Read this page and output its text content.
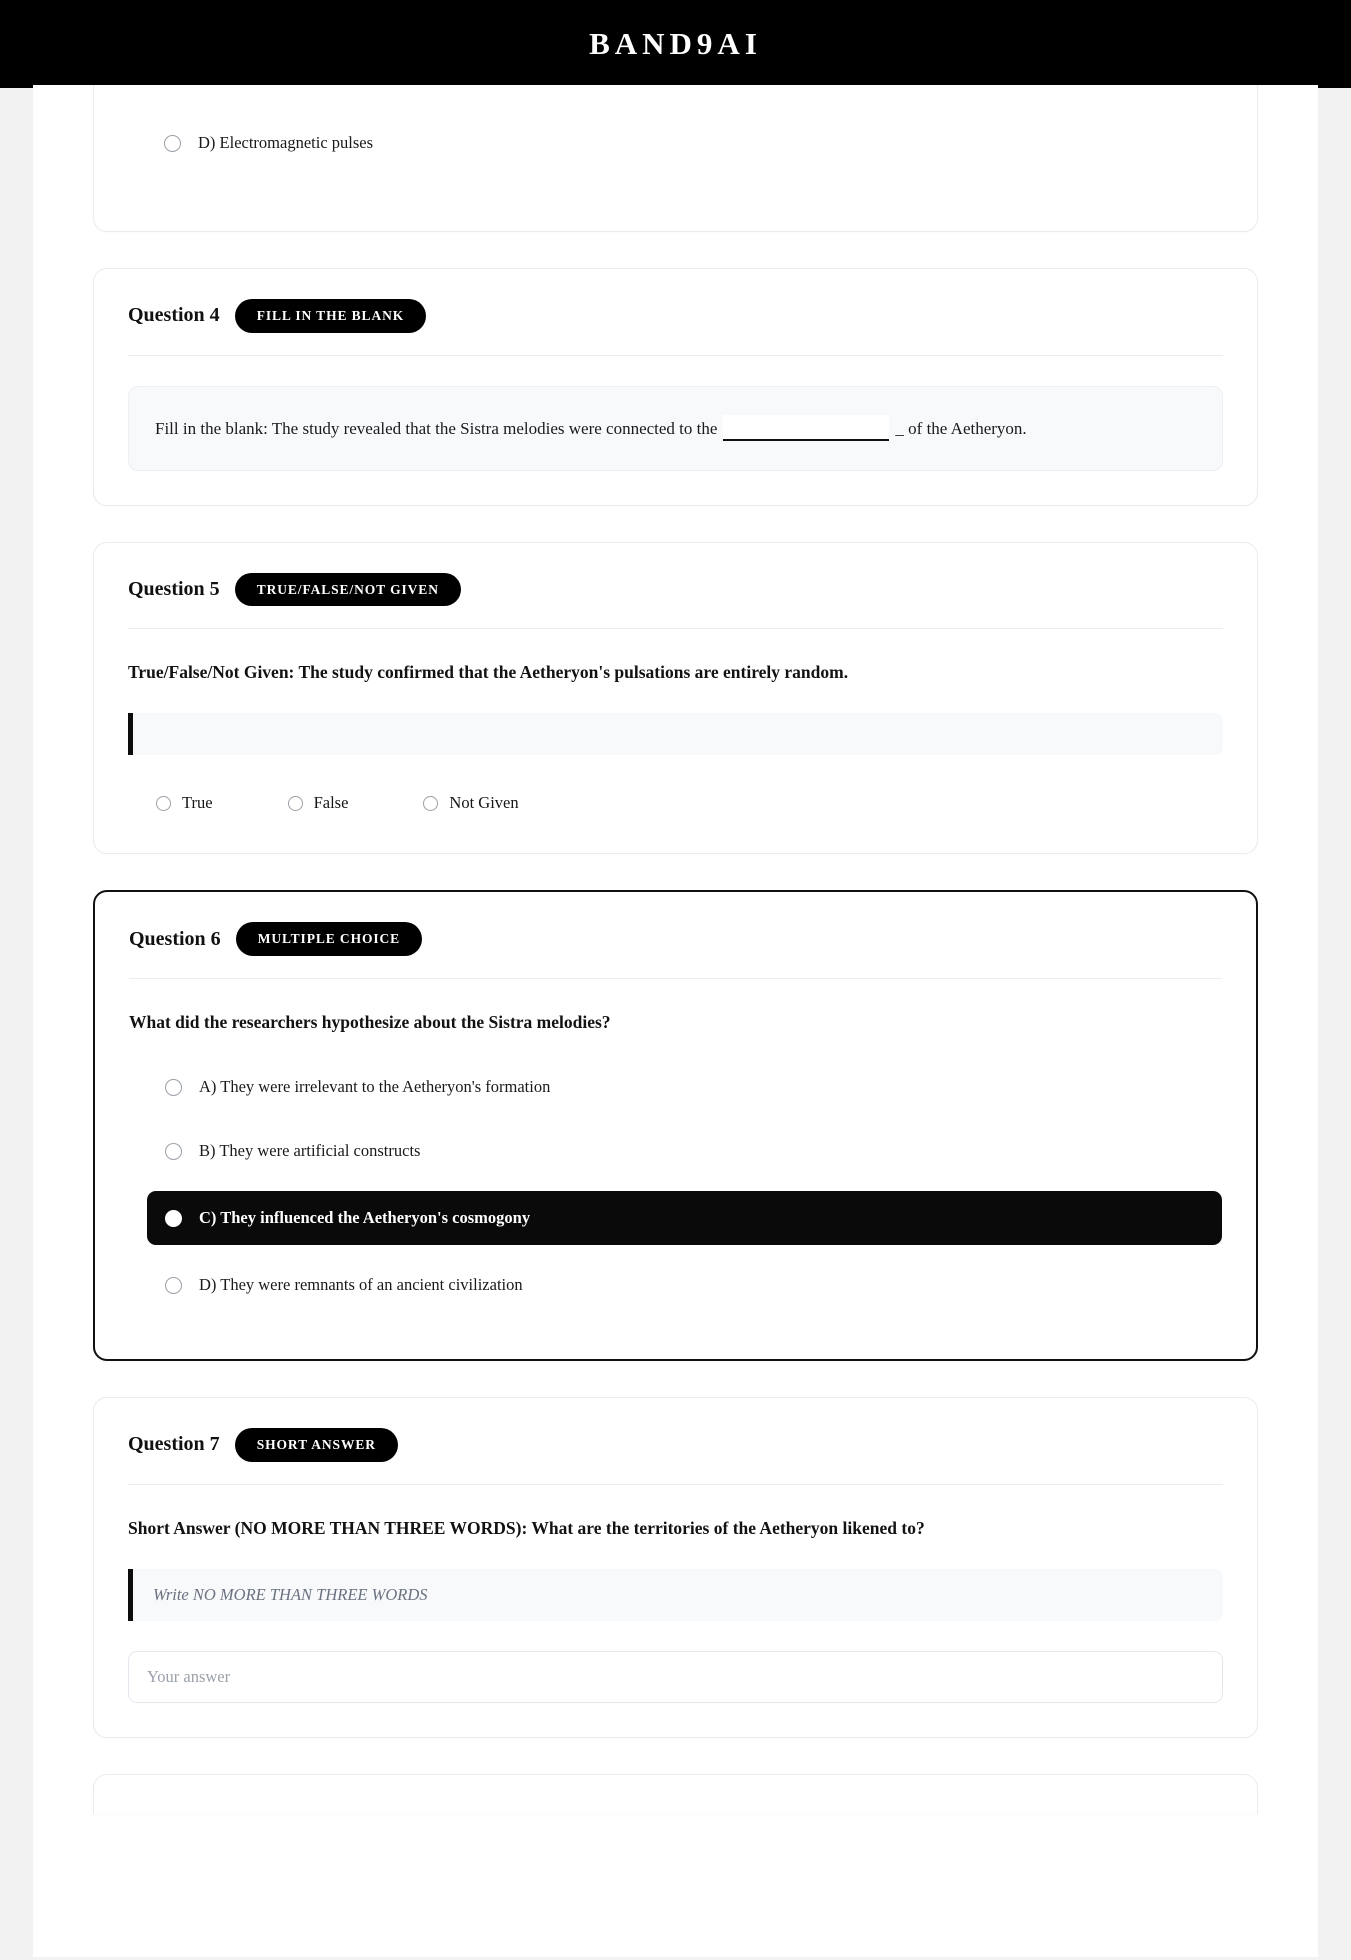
BAND9AI
D) Electromagnetic pulses
Question 4	FILL IN THE BLANK
Fill in the blank: The study revealed that the Sistra melodies were connected to the	_ of the Aetheryon.
Question 5	TRUE/FALSE/NOT GIVEN
True/False/Not Given: The study confirmed that the Aetheryon's pulsations are entirely random.
True	False	Not Given
Question 6	MULTIPLE CHOICE
What did the researchers hypothesize about the Sistra melodies?
A) They were irrelevant to the Aetheryon's formation
B) They were artificial constructs
C) They influenced the Aetheryon's cosmogony
D) They were remnants of an ancient civilization
Question 7	SHORT ANSWER
Short Answer (NO MORE THAN THREE WORDS): What are the territories of the Aetheryon likened to?
Write NO MORE THAN THREE WORDS
Your answer
